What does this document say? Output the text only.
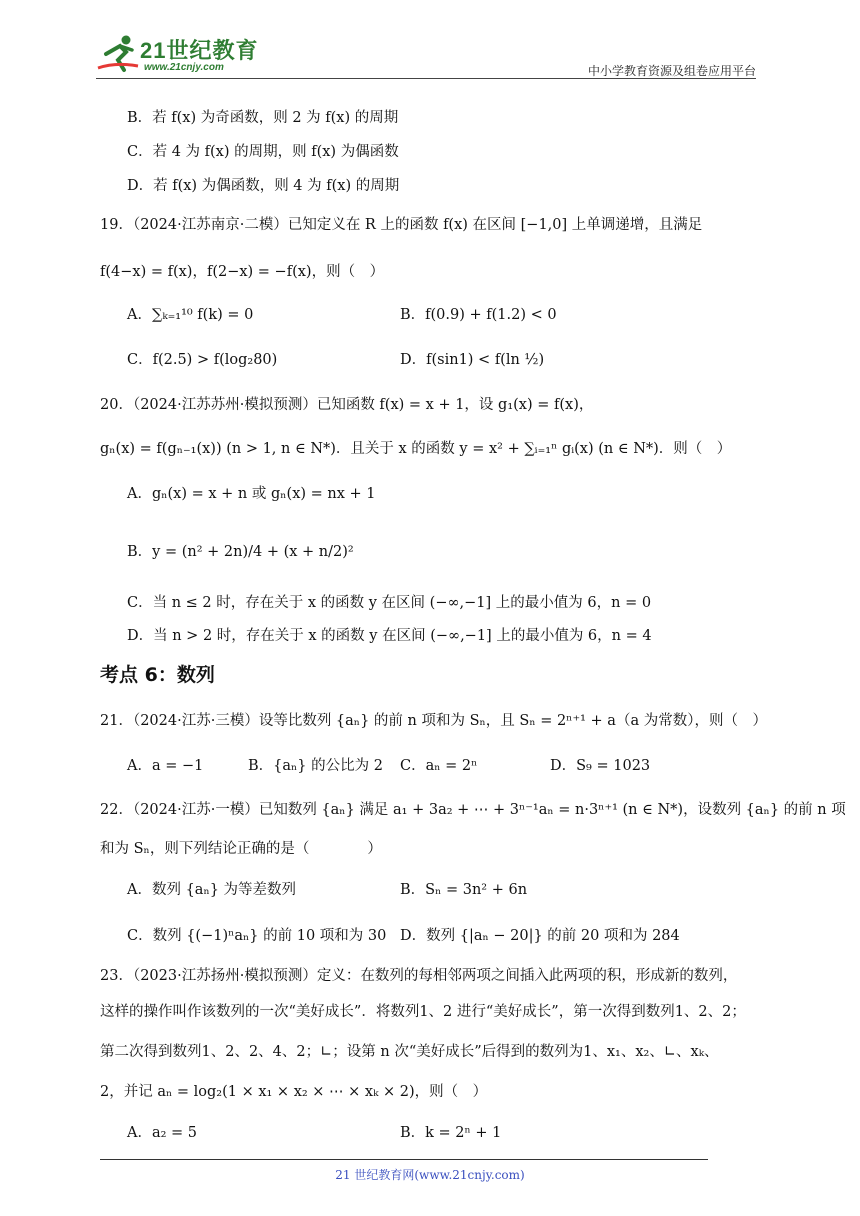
21世纪教育
www.21cnjy.com	中小学教育资源及组卷应用平台
B．若 f(x) 为奇函数，则 2 为 f(x) 的周期
C．若 4 为 f(x) 的周期，则 f(x) 为偶函数
D．若 f(x) 为偶函数，则 4 为 f(x) 的周期
19．（2024·江苏南京·二模）已知定义在 R 上的函数 f(x) 在区间 [−1,0] 上单调递增，且满足
f(4−x) = f(x)，f(2−x) = −f(x)，则（　）
A．∑ₖ₌₁¹⁰ f(k) = 0	B．f(0.9) + f(1.2) < 0
C．f(2.5) > f(log₂80)	D．f(sin1) < f(ln ½)
20．（2024·江苏苏州·模拟预测）已知函数 f(x) = x + 1，设 g₁(x) = f(x)，
gₙ(x) = f(gₙ₋₁(x)) (n > 1, n ∈ N*)．且关于 x 的函数 y = x² + ∑ᵢ₌₁ⁿ gᵢ(x) (n ∈ N*)．则（　）
A．gₙ(x) = x + n 或 gₙ(x) = nx + 1
B．y = (n² + 2n)/4 + (x + n/2)²
C．当 n ≤ 2 时，存在关于 x 的函数 y 在区间 (−∞,−1] 上的最小值为 6，n = 0
D．当 n > 2 时，存在关于 x 的函数 y 在区间 (−∞,−1] 上的最小值为 6，n = 4
考点 6：数列
21．（2024·江苏·三模）设等比数列 {aₙ} 的前 n 项和为 Sₙ，且 Sₙ = 2ⁿ⁺¹ + a（a 为常数），则（　）
A．a = −1	B．{aₙ} 的公比为 2 C．aₙ = 2ⁿ	D．S₉ = 1023
22．（2024·江苏·一模）已知数列 {aₙ} 满足 a₁ + 3a₂ + ⋯ + 3ⁿ⁻¹aₙ = n·3ⁿ⁺¹ (n ∈ N*)，设数列 {aₙ} 的前 n 项
和为 Sₙ，则下列结论正确的是（　　　　）
A．数列 {aₙ} 为等差数列	B．Sₙ = 3n² + 6n
C．数列 {(−1)ⁿaₙ} 的前 10 项和为 30 D．数列 {|aₙ − 20|} 的前 20 项和为 284
23．（2023·江苏扬州·模拟预测）定义：在数列的每相邻两项之间插入此两项的积，形成新的数列，
这样的操作叫作该数列的一次“美好成长”．将数列1、2 进行“美好成长”，第一次得到数列1、2、2；
第二次得到数列1、2、2、4、2；∟；设第 n 次“美好成长”后得到的数列为1、x₁、x₂、∟、xₖ、
2，并记 aₙ = log₂(1 × x₁ × x₂ × ⋯ × xₖ × 2)，则（　）
A．a₂ = 5	B．k = 2ⁿ + 1
21 世纪教育网(www.21cnjy.com)
